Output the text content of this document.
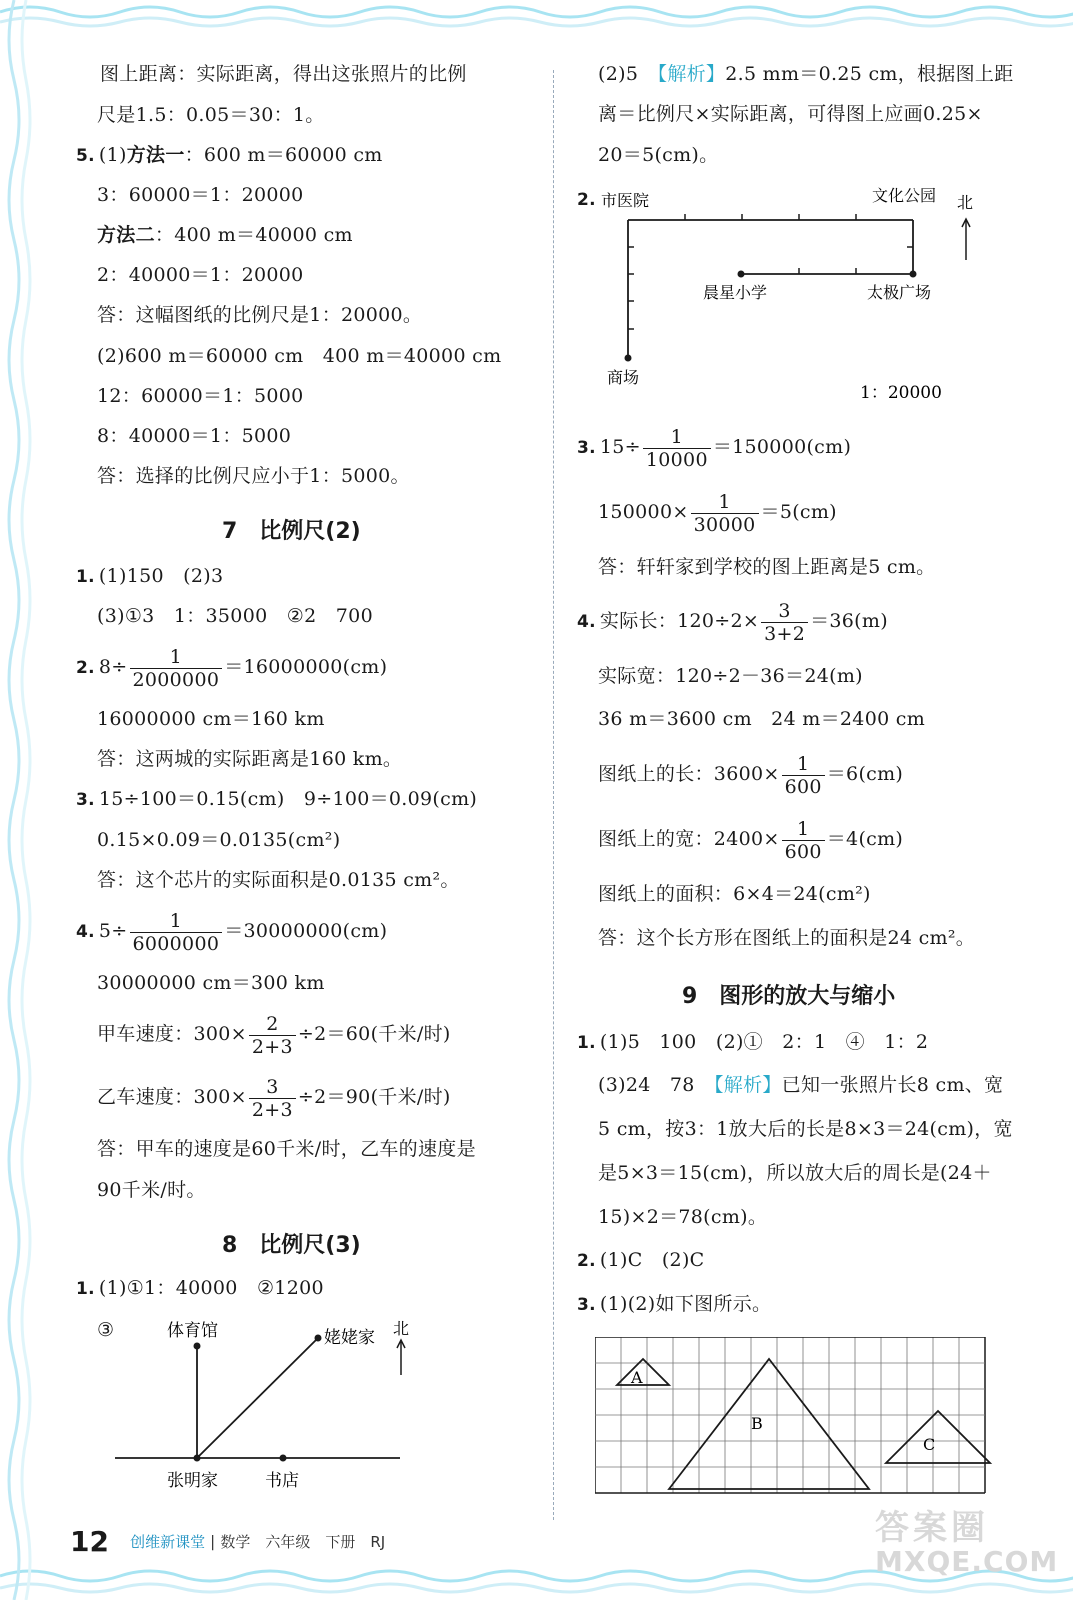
图上距离：实际距离，得出这张照片的比例
尺是1.5：0.05＝30：1。
5. (1)方法一：600 m＝60000 cm
3：60000＝1：20000
方法二：400 m＝40000 cm
2：40000＝1：20000
答：这幅图纸的比例尺是1：20000。
(2)600 m＝60000 cm　400 m＝40000 cm
12：60000＝1：5000
8：40000＝1：5000
答：选择的比例尺应小于1：5000。
7　比例尺(2)
1. (1)150　(2)3
(3)①3　1：35000　②2　700
2. $8\div \frac{1}{2000000} =16000000(cm)$
16000000 cm＝160 km
答：这两城的实际距离是160 km。
3. 15÷100＝0.15(cm)　9÷100＝0.09(cm)
0.15×0.09＝0.0135(cm²)
答：这个芯片的实际面积是0.0135 cm²。
4. $5\div \frac{1}{6000000} =30000000(cm)$
30000000 cm＝300 km
甲车速度：$300\times \frac{2}{2+3} \div 2=60$(千米/时)
乙车速度：$300\times \frac{3}{2+3} \div 2=90$(千米/时)
答：甲车的速度是60千米/时，乙车的速度是
90千米/时。
8　比例尺(3)
1. (1)①1：40000　②1200
③	体育馆	姥姥家
张明家	书店
北
(2)5　【解析】2.5 mm＝0.25 cm，根据图上距
离＝比例尺×实际距离，可得图上应画0.25×
20＝5(cm)。
2. 市医院	文化公园
晨星小学	太极广场
商场
1：20000
北
3. $15\div \frac{1}{10000} =150000(cm)$
$150000\times \frac{1}{30000} =5(cm)$
答：轩轩家到学校的图上距离是5 cm。
4. 实际长：$120\div 2\times \frac{3}{3+2} =36(m)$
实际宽：120÷2－36＝24(m)
36 m＝3600 cm　24 m＝2400 cm
图纸上的长：$3600\times \frac{1}{600} =6(cm)$
图纸上的宽：$2400\times \frac{1}{600} =4(cm)$
图纸上的面积：6×4＝24(cm²)
答：这个长方形在图纸上的面积是24 cm²。
9　图形的放大与缩小
1. (1)5　100　(2)①　2：1　④　1：2
(3)24　78　【解析】已知一张照片长8 cm、宽
5 cm，按3：1放大后的长是8×3＝24(cm)，宽
是5×3＝15(cm)，所以放大后的周长是(24＋
15)×2＝78(cm)。
2. (1)C　(2)C
3. (1)(2)如下图所示。
A
B
C
12 创维新课堂 | 数学　六年级　下册　RJ	答案圈
MXQE.COM
